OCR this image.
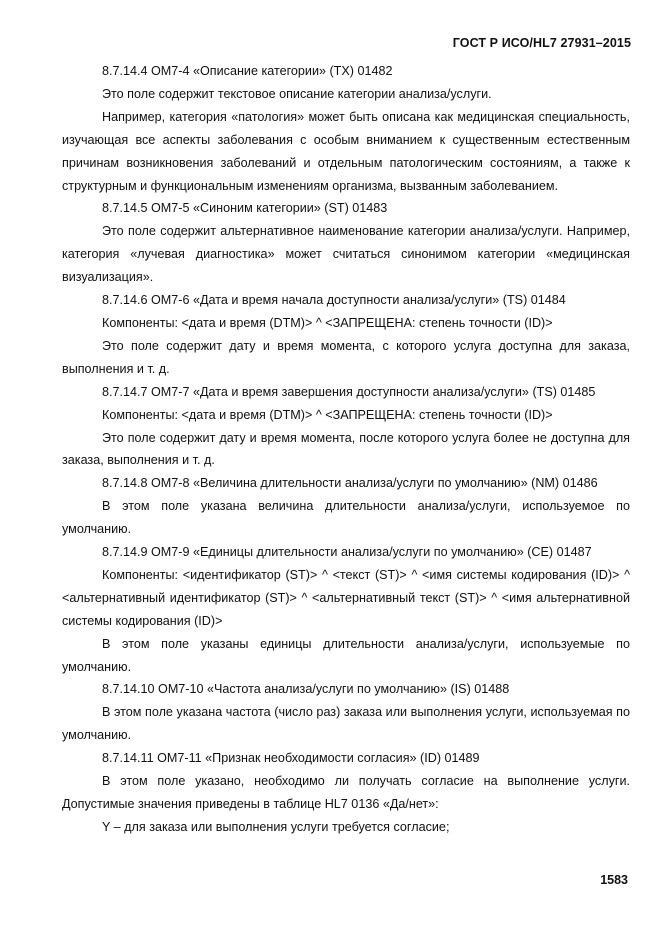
ГОСТ Р ИСО/HL7 27931–2015

8.7.14.4 OM7-4 «Описание категории» (TX) 01482

Это поле содержит текстовое описание категории анализа/услуги.

Например, категория «патология» может быть описана как медицинская специальность, изучающая все аспекты заболевания с особым вниманием к существенным естественным причинам возникновения заболеваний и отдельным патологическим состояниям, а также к структурным и функциональным изменениям организма, вызванным заболеванием.

8.7.14.5 OM7-5 «Синоним категории» (ST) 01483

Это поле содержит альтернативное наименование категории анализа/услуги. Например, категория «лучевая диагностика» может считаться синонимом категории «медицинская визуализация».

8.7.14.6 OM7-6 «Дата и время начала доступности анализа/услуги» (TS) 01484

Компоненты: <дата и время (DTM)> ^ <ЗАПРЕЩЕНА: степень точности (ID)>

Это поле содержит дату и время момента, с которого услуга доступна для заказа, выполнения и т. д.

8.7.14.7 OM7-7 «Дата и время завершения доступности анализа/услуги» (TS) 01485

Компоненты: <дата и время (DTM)> ^ <ЗАПРЕЩЕНА: степень точности (ID)>

Это поле содержит дату и время момента, после которого услуга более не доступна для заказа, выполнения и т. д.

8.7.14.8 OM7-8 «Величина длительности анализа/услуги по умолчанию» (NM) 01486

В этом поле указана величина длительности анализа/услуги, используемое по умолчанию.

8.7.14.9 OM7-9 «Единицы длительности анализа/услуги по умолчанию» (CE) 01487

Компоненты: <идентификатор (ST)> ^ <текст (ST)> ^ <имя системы кодирования (ID)> ^ <альтернативный идентификатор (ST)> ^ <альтернативный текст (ST)> ^ <имя альтернативной системы кодирования (ID)>

В этом поле указаны единицы длительности анализа/услуги, используемые по умолчанию.

8.7.14.10 OM7-10 «Частота анализа/услуги по умолчанию» (IS) 01488

В этом поле указана частота (число раз) заказа или выполнения услуги, используемая по умолчанию.

8.7.14.11 OM7-11 «Признак необходимости согласия» (ID) 01489

В этом поле указано, необходимо ли получать согласие на выполнение услуги. Допустимые значения приведены в таблице HL7 0136 «Да/нет»:

Y – для заказа или выполнения услуги требуется согласие;

1583
